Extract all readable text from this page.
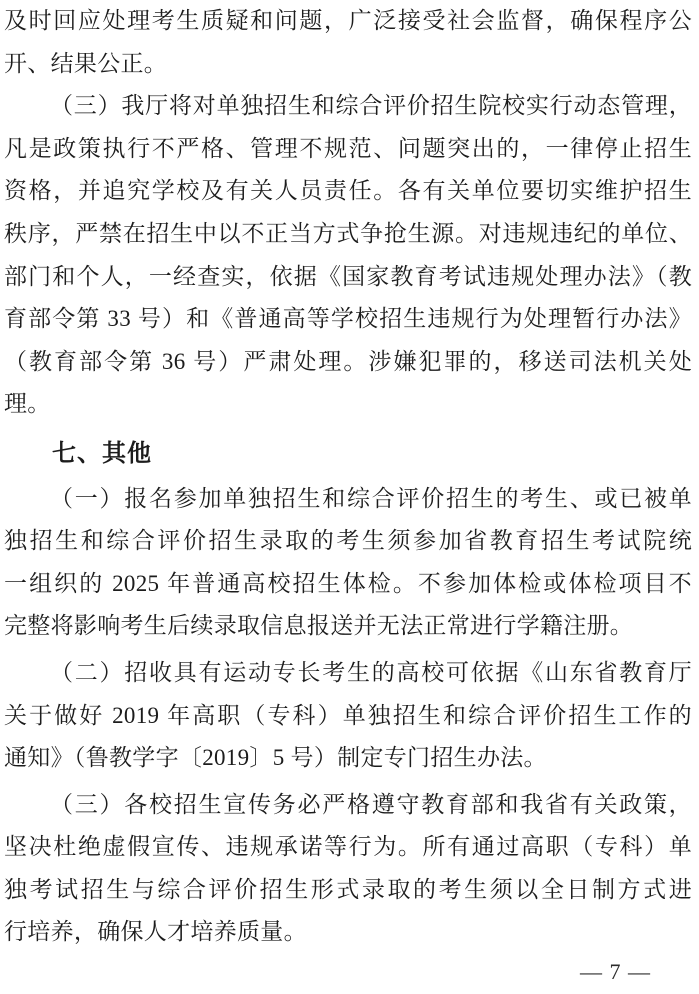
及时回应处理考生质疑和问题，广泛接受社会监督，确保程序公
开、结果公正。
（三）我厅将对单独招生和综合评价招生院校实行动态管理，
凡是政策执行不严格、管理不规范、问题突出的，一律停止招生
资格，并追究学校及有关人员责任。各有关单位要切实维护招生
秩序，严禁在招生中以不正当方式争抢生源。对违规违纪的单位、
部门和个人，一经查实，依据《国家教育考试违规处理办法》（教
育部令第 33 号）和《普通高等学校招生违规行为处理暂行办法》
（教育部令第 36 号）严肃处理。涉嫌犯罪的，移送司法机关处
理。
七、其他
（一）报名参加单独招生和综合评价招生的考生、或已被单
独招生和综合评价招生录取的考生须参加省教育招生考试院统
一组织的 2025 年普通高校招生体检。不参加体检或体检项目不
完整将影响考生后续录取信息报送并无法正常进行学籍注册。
（二）招收具有运动专长考生的高校可依据《山东省教育厅
关于做好 2019 年高职（专科）单独招生和综合评价招生工作的
通知》（鲁教学字〔2019〕5 号）制定专门招生办法。
（三）各校招生宣传务必严格遵守教育部和我省有关政策，
坚决杜绝虚假宣传、违规承诺等行为。所有通过高职（专科）单
独考试招生与综合评价招生形式录取的考生须以全日制方式进
行培养，确保人才培养质量。
— 7 —
